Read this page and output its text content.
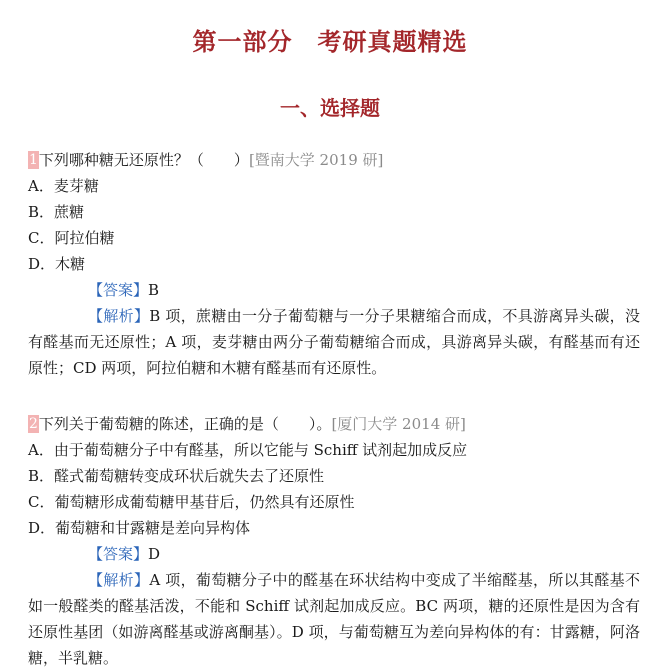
第一部分　考研真题精选
一、选择题
1下列哪种糖无还原性？（　　）[暨南大学 2019 研]
A．麦芽糖
B．蔗糖
C．阿拉伯糖
D．木糖
【答案】B

【解析】B 项，蔗糖由一分子葡萄糖与一分子果糖缩合而成，不具游离异头碳，没有醛基而无还原性；A 项，麦芽糖由两分子葡萄糖缩合而成，具游离异头碳，有醛基而有还原性；CD 两项，阿拉伯糖和木糖有醛基而有还原性。

2下列关于葡萄糖的陈述，正确的是（　　）。[厦门大学 2014 研]
A．由于葡萄糖分子中有醛基，所以它能与 Schiff 试剂起加成反应
B．醛式葡萄糖转变成环状后就失去了还原性
C．葡萄糖形成葡萄糖甲基苷后，仍然具有还原性
D．葡萄糖和甘露糖是差向异构体
【答案】D

【解析】A 项，葡萄糖分子中的醛基在环状结构中变成了半缩醛基，所以其醛基不如一般醛类的醛基活泼，不能和 Schiff 试剂起加成反应。BC 两项，糖的还原性是因为含有还原性基团（如游离醛基或游离酮基）。D 项，与葡萄糖互为差向异构体的有：甘露糖，阿洛糖，半乳糖。
